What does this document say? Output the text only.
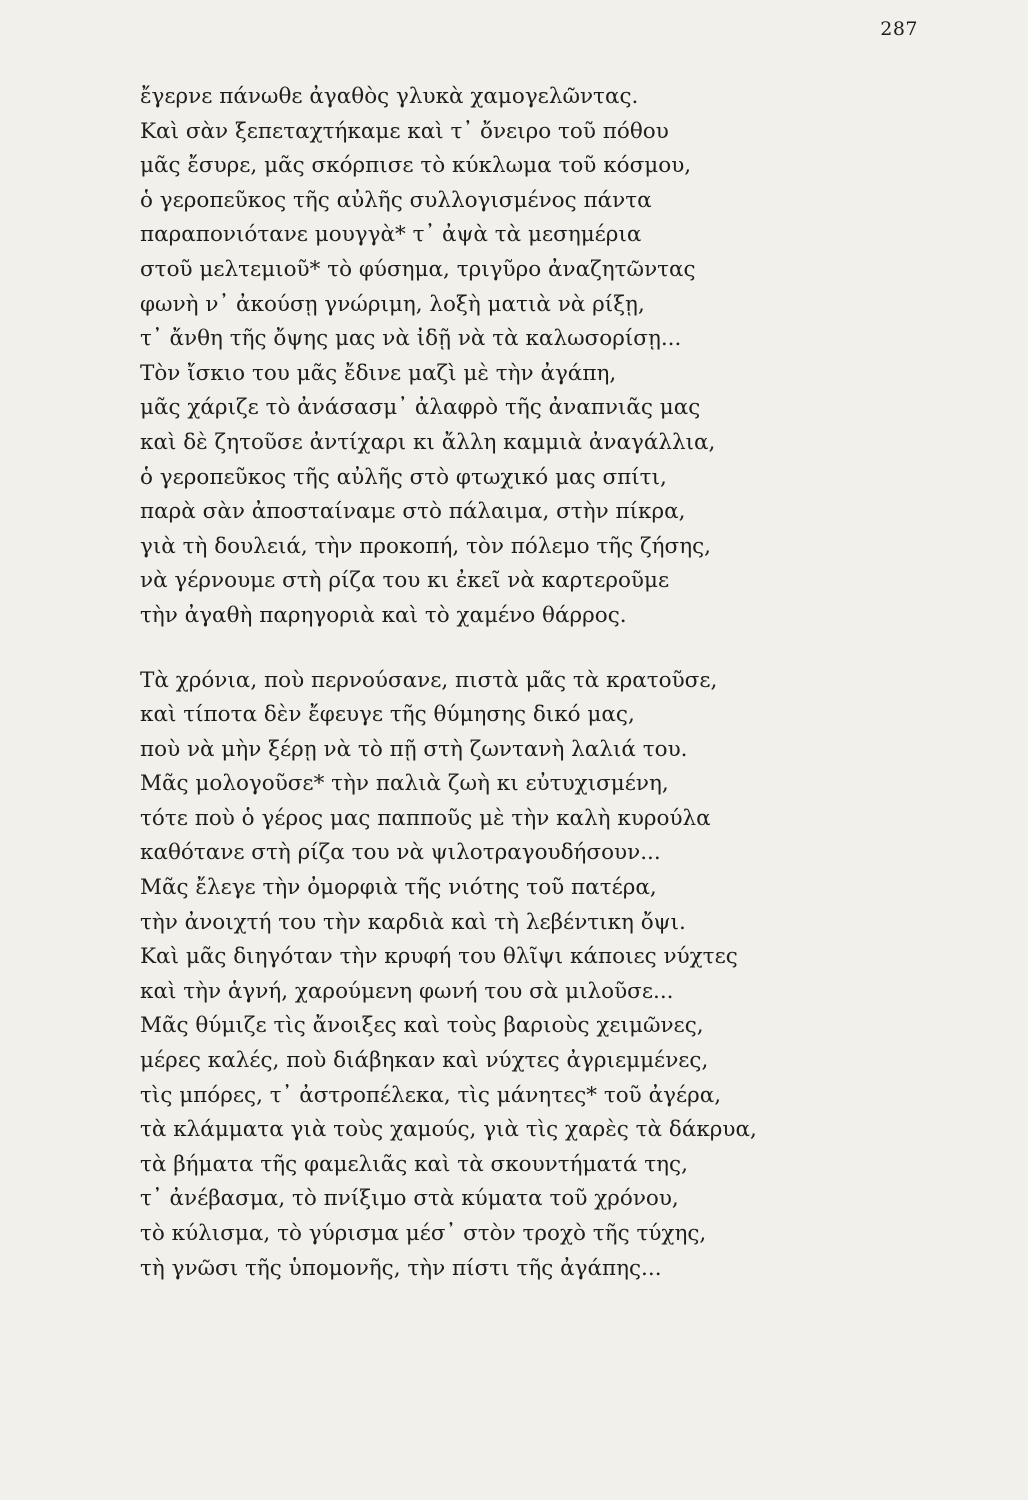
287
ἔγερνε πάνωθε ἀγαθὸς γλυκὰ χαμογελῶντας.
Καὶ σὰν ξεπεταχτήκαμε καὶ τ᾽ ὄνειρο τοῦ πόθου
μᾶς ἔσυρε, μᾶς σκόρπισε τὸ κύκλωμα τοῦ κόσμου,
ὁ γεροπεῦκος τῆς αὐλῆς συλλογισμένος πάντα
παραπονιότανε μουγγὰ* τ᾽ ἀψὰ τὰ μεσημέρια
στοῦ μελτεμιοῦ* τὸ φύσημα, τριγῦρο ἀναζητῶντας
φωνὴ ν᾽ ἀκούσῃ γνώριμη, λοξὴ ματιὰ νὰ ρίξῃ,
τ᾽ ἄνθη τῆς ὄψης μας νὰ ἰδῇ νὰ τὰ καλωσορίσῃ...
Τὸν ἴσκιο του μᾶς ἔδινε μαζὶ μὲ τὴν ἀγάπη,
μᾶς χάριζε τὸ ἀνάσασμ᾽ ἀλαφρὸ τῆς ἀναπνιᾶς μας
καὶ δὲ ζητοῦσε ἀντίχαρι κι ἄλλη καμμιὰ ἀναγάλλια,
ὁ γεροπεῦκος τῆς αὐλῆς στὸ φτωχικό μας σπίτι,
παρὰ σὰν ἀποσταίναμε στὸ πάλαιμα, στὴν πίκρα,
γιὰ τὴ δουλειά, τὴν προκοπή, τὸν πόλεμο τῆς ζήσης,
νὰ γέρνουμε στὴ ρίζα του κι ἐκεῖ νὰ καρτεροῦμε
τὴν ἀγαθὴ παρηγοριὰ καὶ τὸ χαμένο θάρρος.
Τὰ χρόνια, ποὺ περνούσανε, πιστὰ μᾶς τὰ κρατοῦσε,
καὶ τίποτα δὲν ἔφευγε τῆς θύμησης δικό μας,
ποὺ νὰ μὴν ξέρῃ νὰ τὸ πῇ στὴ ζωντανὴ λαλιά του.
Μᾶς μολογοῦσε* τὴν παλιὰ ζωὴ κι εὐτυχισμένη,
τότε ποὺ ὁ γέρος μας παπποῦς μὲ τὴν καλὴ κυρούλα
καθότανε στὴ ρίζα του νὰ ψιλοτραγουδήσουν...
Μᾶς ἔλεγε τὴν ὀμορφιὰ τῆς νιότης τοῦ πατέρα,
τὴν ἀνοιχτή του τὴν καρδιὰ καὶ τὴ λεβέντικη ὄψι.
Καὶ μᾶς διηγόταν τὴν κρυφή του θλῖψι κάποιες νύχτες
καὶ τὴν ἁγνή, χαρούμενη φωνή του σὰ μιλοῦσε...
Μᾶς θύμιζε τὶς ἄνοιξες καὶ τοὺς βαριοὺς χειμῶνες,
μέρες καλές, ποὺ διάβηκαν καὶ νύχτες ἀγριεμμένες,
τὶς μπόρες, τ᾽ ἀστροπέλεκα, τὶς μάνητες* τοῦ ἀγέρα,
τὰ κλάμματα γιὰ τοὺς χαμούς, γιὰ τὶς χαρὲς τὰ δάκρυα,
τὰ βήματα τῆς φαμελιᾶς καὶ τὰ σκουντήματά της,
τ᾽ ἀνέβασμα, τὸ πνίξιμο στὰ κύματα τοῦ χρόνου,
τὸ κύλισμα, τὸ γύρισμα μέσ᾽ στὸν τροχὸ τῆς τύχης,
τὴ γνῶσι τῆς ὑπομονῆς, τὴν πίστι τῆς ἀγάπης...
